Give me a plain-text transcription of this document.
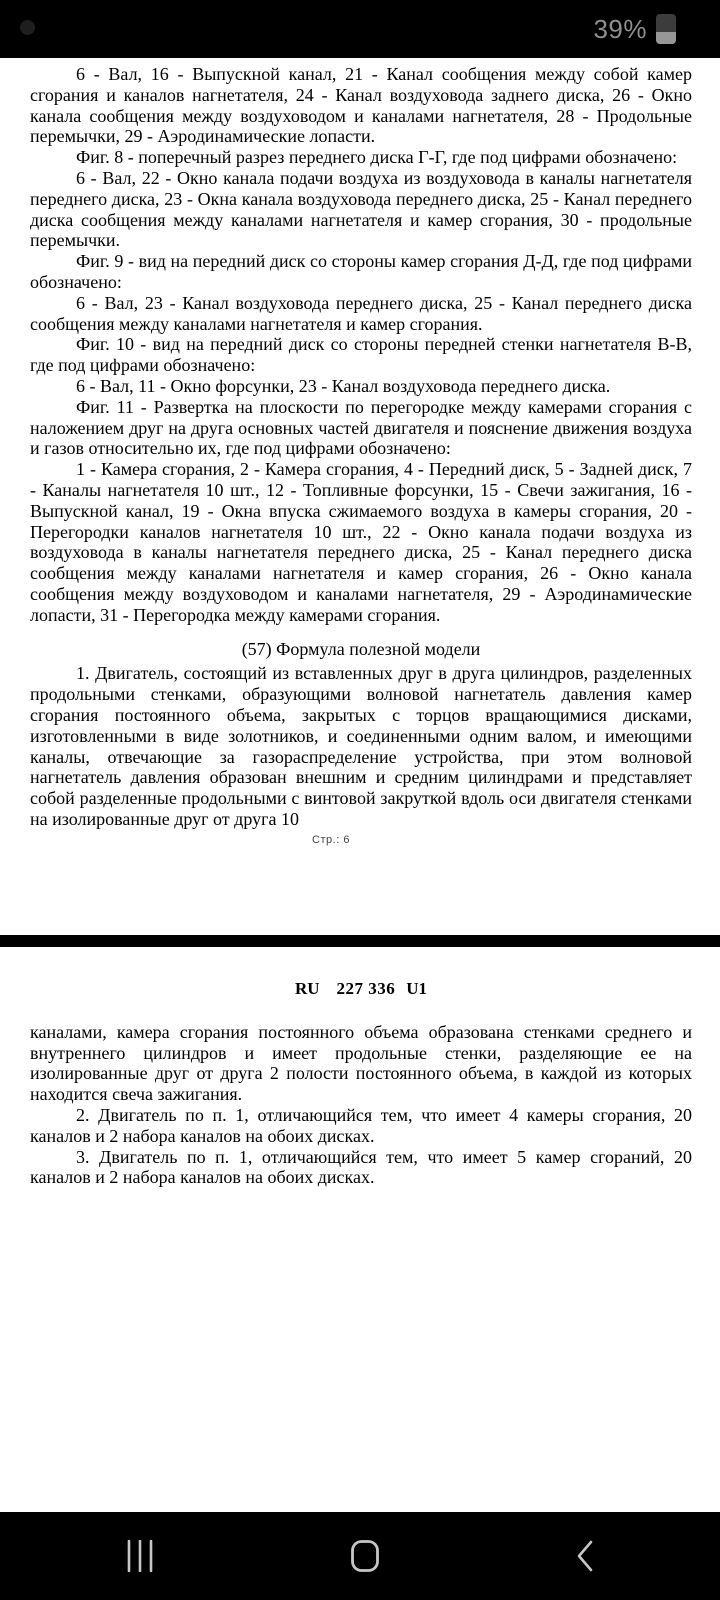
39%

6 - Вал, 16 - Выпускной канал, 21 - Канал сообщения между собой камер сгорания и каналов нагнетателя, 24 - Канал воздуховода заднего диска, 26 - Окно канала сообщения между воздуховодом и каналами нагнетателя, 28 - Продольные перемычки, 29 - Аэродинамические лопасти.

Фиг. 8 - поперечный разрез переднего диска Г-Г, где под цифрами обозначено:

6 - Вал, 22 - Окно канала подачи воздуха из воздуховода в каналы нагнетателя переднего диска, 23 - Окна канала воздуховода переднего диска, 25 - Канал переднего диска сообщения между каналами нагнетателя и камер сгорания, 30 - продольные перемычки.

Фиг. 9 - вид на передний диск со стороны камер сгорания Д-Д, где под цифрами обозначено:

6 - Вал, 23 - Канал воздуховода переднего диска, 25 - Канал переднего диска сообщения между каналами нагнетателя и камер сгорания.

Фиг. 10 - вид на передний диск со стороны передней стенки нагнетателя В-В, где под цифрами обозначено:

6 - Вал, 11 - Окно форсунки, 23 - Канал воздуховода переднего диска.

Фиг. 11 - Развертка на плоскости по перегородке между камерами сгорания с наложением друг на друга основных частей двигателя и пояснение движения воздуха и газов относительно их, где под цифрами обозначено:

1 - Камера сгорания, 2 - Камера сгорания, 4 - Передний диск, 5 - Задней диск, 7 - Каналы нагнетателя 10 шт., 12 - Топливные форсунки, 15 - Свечи зажигания, 16 - Выпускной канал, 19 - Окна впуска сжимаемого воздуха в камеры сгорания, 20 - Перегородки каналов нагнетателя 10 шт., 22 - Окно канала подачи воздуха из воздуховода в каналы нагнетателя переднего диска, 25 - Канал переднего диска сообщения между каналами нагнетателя и камер сгорания, 26 - Окно канала сообщения между воздуховодом и каналами нагнетателя, 29 - Аэродинамические лопасти, 31 - Перегородка между камерами сгорания.

(57) Формула полезной модели

1. Двигатель, состоящий из вставленных друг в друга цилиндров, разделенных продольными стенками, образующими волновой нагнетатель давления камер сгорания постоянного объема, закрытых с торцов вращающимися дисками, изготовленными в виде золотников, и соединенными одним валом, и имеющими каналы, отвечающие за газораспределение устройства, при этом волновой нагнетатель давления образован внешним и средним цилиндрами и представляет собой разделенные продольными с винтовой закруткой вдоль оси двигателя стенками на изолированные друг от друга 10

Стр.: 6
RU 227 336 U1

каналами, камера сгорания постоянного объема образована стенками среднего и внутреннего цилиндров и имеет продольные стенки, разделяющие ее на изолированные друг от друга 2 полости постоянного объема, в каждой из которых находится свеча зажигания.

2. Двигатель по п. 1, отличающийся тем, что имеет 4 камеры сгорания, 20 каналов и 2 набора каналов на обоих дисках.

3. Двигатель по п. 1, отличающийся тем, что имеет 5 камер сгораний, 20 каналов и 2 набора каналов на обоих дисках.
